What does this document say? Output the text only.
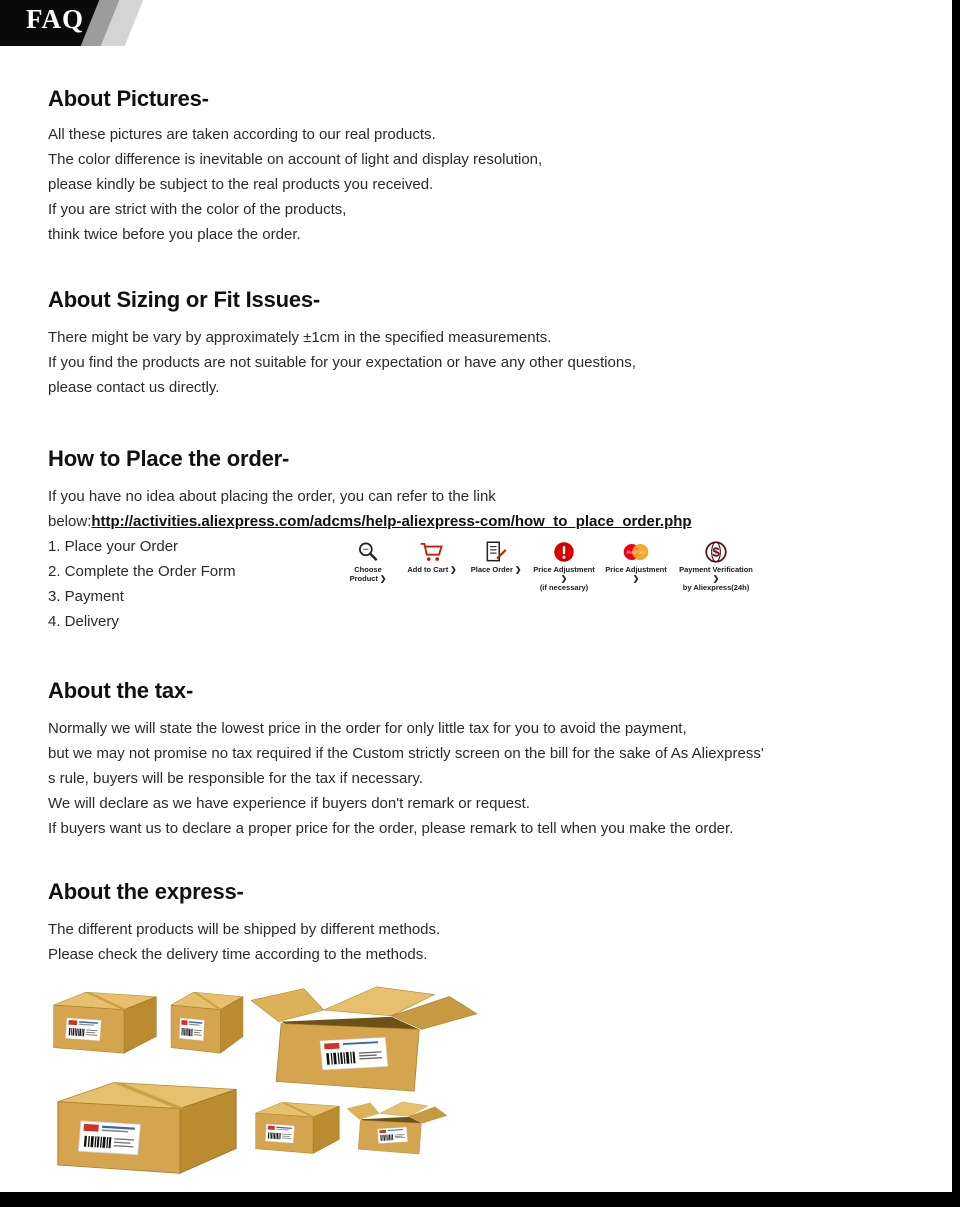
FAQ
About Pictures-
All these pictures are taken according to our real products.
The color difference is inevitable on account of light and display resolution,
please kindly be subject to the real products you received.
If you are strict with the color of the products,
think twice before you place the order.
About Sizing or Fit Issues-
There might be vary by approximately ±1cm in the specified measurements.
If you find the products are not suitable for your expectation or have any other questions,
please contact us directly.
How to Place the order-
If you have no idea about placing the order, you can refer to the link
below:http://activities.aliexpress.com/adcms/help-aliexpress-com/how_to_place_order.php
1. Place your Order
2. Complete the Order Form
3. Payment
4. Delivery
Choose Product ❯
Add to Cart ❯ Place Order ❯ Price Adjustment ❯
(if necessary)
MasterCard
Price Adjustment ❯
$
Payment Verification ❯
by Aliexpress(24h)
About the tax-
Normally we will state the lowest price in the order for only little tax for you to avoid the payment,
but we may not promise no tax required if the Custom strictly screen on the bill for the sake of As Aliexpress'
s rule, buyers will be responsible for the tax if necessary.
We will declare as we have experience if buyers don't remark or request.
If buyers want us to declare a proper price for the order, please remark to tell when you make the order.
About the express-
The different products will be shipped by different methods.
Please check the delivery time according to the methods.
